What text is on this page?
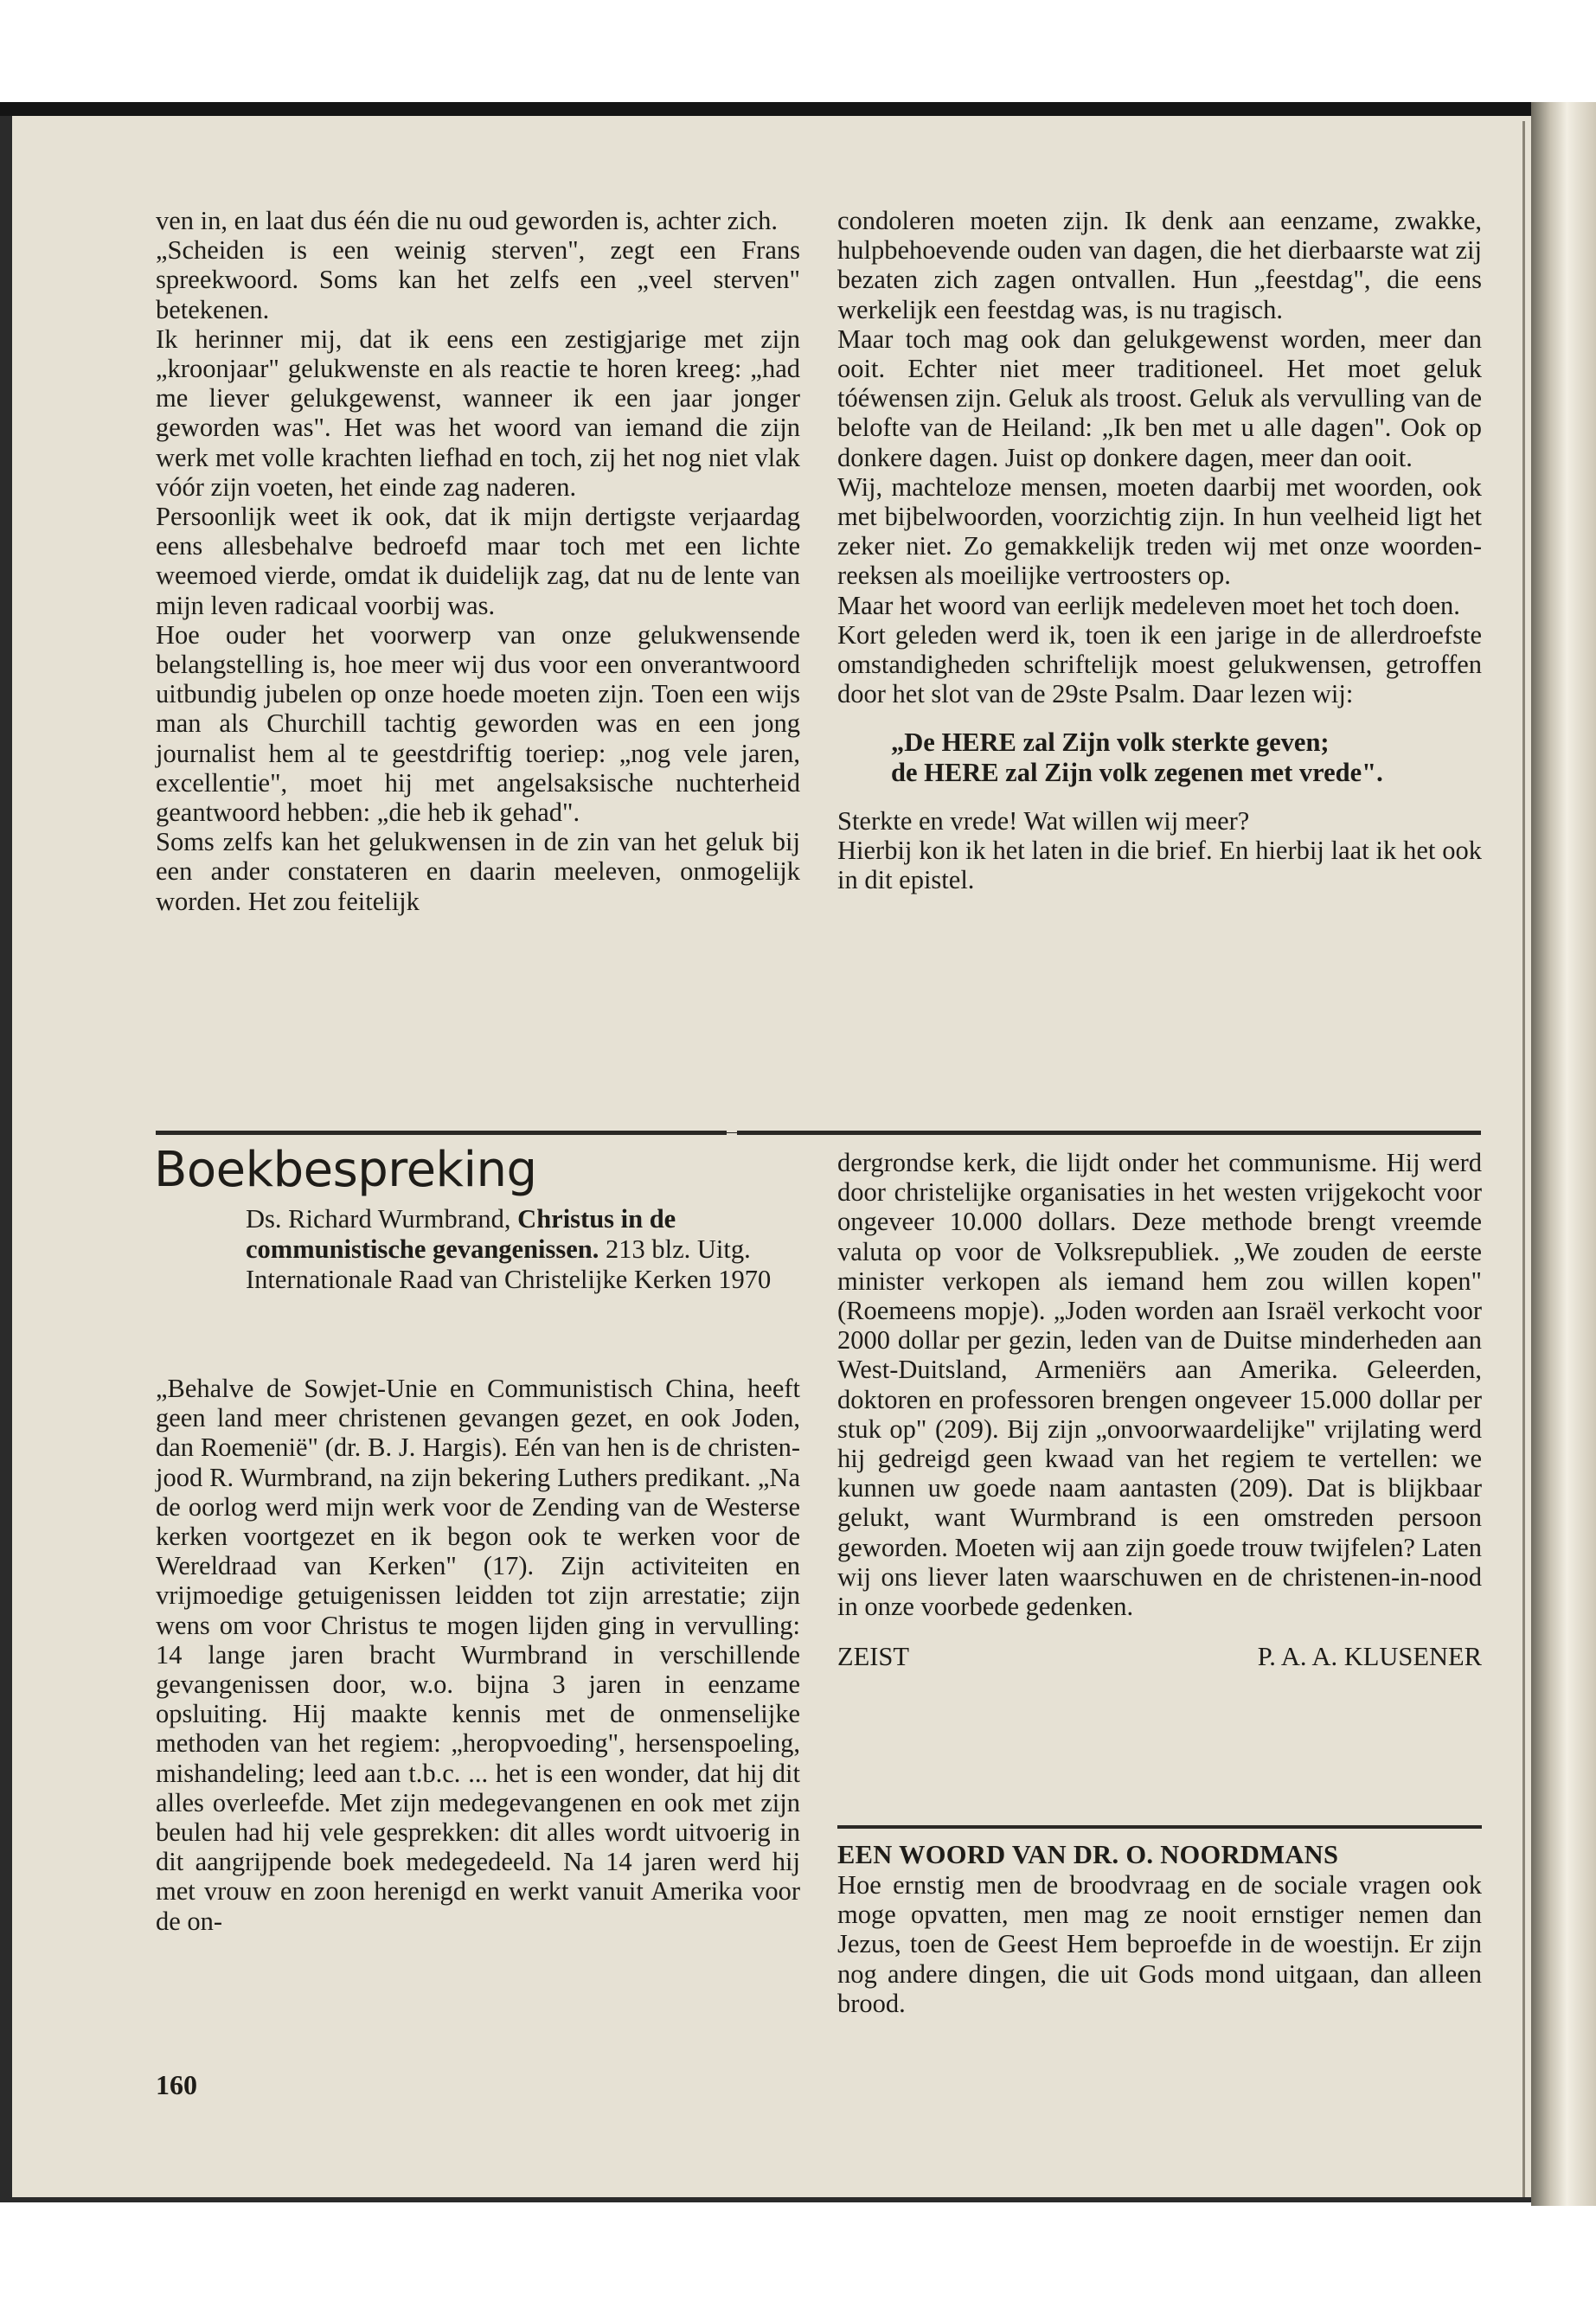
ven in, en laat dus één die nu oud geworden is, achter zich.

„Scheiden is een weinig sterven", zegt een Frans spreekwoord. Soms kan het zelfs een „veel sterven" betekenen.

Ik herinner mij, dat ik eens een zestigjarige met zijn „kroonjaar" gelukwenste en als reactie te horen kreeg: „had me liever gelukgewenst, wanneer ik een jaar jonger geworden was". Het was het woord van iemand die zijn werk met volle krachten liefhad en toch, zij het nog niet vlak vóór zijn voeten, het einde zag naderen.

Persoonlijk weet ik ook, dat ik mijn dertigste verjaardag eens allesbehalve bedroefd maar toch met een lichte weemoed vierde, omdat ik duidelijk zag, dat nu de lente van mijn leven radicaal voorbij was.

Hoe ouder het voorwerp van onze gelukwensende belangstelling is, hoe meer wij dus voor een onverantwoord uitbundig jubelen op onze hoede moeten zijn. Toen een wijs man als Churchill tachtig geworden was en een jong journalist hem al te geestdriftig toeriep: „nog vele jaren, excellentie", moet hij met angelsaksische nuchterheid geantwoord hebben: „die heb ik gehad".

Soms zelfs kan het gelukwensen in de zin van het geluk bij een ander constateren en daarin meeleven, onmogelijk worden. Het zou feitelijk

condoleren moeten zijn. Ik denk aan eenzame, zwakke, hulpbehoevende ouden van dagen, die het dierbaarste wat zij bezaten zich zagen ontvallen. Hun „feestdag", die eens werkelijk een feestdag was, is nu tragisch.

Maar toch mag ook dan gelukgewenst worden, meer dan ooit. Echter niet meer traditioneel. Het moet geluk tóéwensen zijn. Geluk als troost. Geluk als vervulling van de belofte van de Heiland: „Ik ben met u alle dagen". Ook op donkere dagen. Juist op donkere dagen, meer dan ooit.

Wij, machteloze mensen, moeten daarbij met woorden, ook met bijbelwoorden, voorzichtig zijn. In hun veelheid ligt het zeker niet. Zo gemakkelijk treden wij met onze woorden-reeksen als moeilijke vertroosters op.

Maar het woord van eerlijk medeleven moet het toch doen.

Kort geleden werd ik, toen ik een jarige in de allerdroefste omstandigheden schriftelijk moest gelukwensen, getroffen door het slot van de 29ste Psalm. Daar lezen wij:

„De HERE zal Zijn volk sterkte geven;
de HERE zal Zijn volk zegenen met vrede".

Sterkte en vrede! Wat willen wij meer?

Hierbij kon ik het laten in die brief. En hierbij laat ik het ook in dit epistel.

Boekbespreking

Ds. Richard Wurmbrand, Christus in de communistische gevangenissen. 213 blz. Uitg. Internationale Raad van Christelijke Kerken 1970

„Behalve de Sowjet-Unie en Communistisch China, heeft geen land meer christenen gevangen gezet, en ook Joden, dan Roemenië" (dr. B. J. Hargis). Eén van hen is de christen-jood R. Wurmbrand, na zijn bekering Luthers predikant. „Na de oorlog werd mijn werk voor de Zending van de Westerse kerken voortgezet en ik begon ook te werken voor de Wereldraad van Kerken" (17). Zijn activiteiten en vrijmoedige getuigenissen leidden tot zijn arrestatie; zijn wens om voor Christus te mogen lijden ging in vervulling: 14 lange jaren bracht Wurmbrand in verschillende gevangenissen door, w.o. bijna 3 jaren in eenzame opsluiting. Hij maakte kennis met de onmenselijke methoden van het regiem: „heropvoeding", hersenspoeling, mishandeling; leed aan t.b.c. ... het is een wonder, dat hij dit alles overleefde. Met zijn medegevangenen en ook met zijn beulen had hij vele gesprekken: dit alles wordt uitvoerig in dit aangrijpende boek medegedeeld. Na 14 jaren werd hij met vrouw en zoon herenigd en werkt vanuit Amerika voor de on-

dergrondse kerk, die lijdt onder het communisme. Hij werd door christelijke organisaties in het westen vrijgekocht voor ongeveer 10.000 dollars. Deze methode brengt vreemde valuta op voor de Volksrepubliek. „We zouden de eerste minister verkopen als iemand hem zou willen kopen" (Roemeens mopje). „Joden worden aan Israël verkocht voor 2000 dollar per gezin, leden van de Duitse minderheden aan West-Duitsland, Armeniërs aan Amerika. Geleerden, doktoren en professoren brengen ongeveer 15.000 dollar per stuk op" (209). Bij zijn „onvoorwaardelijke" vrijlating werd hij gedreigd geen kwaad van het regiem te vertellen: we kunnen uw goede naam aantasten (209). Dat is blijkbaar gelukt, want Wurmbrand is een omstreden persoon geworden. Moeten wij aan zijn goede trouw twijfelen? Laten wij ons liever laten waarschuwen en de christenen-in-nood in onze voorbede gedenken.

ZEIST	P. A. A. KLUSENER

EEN WOORD VAN DR. O. NOORDMANS

Hoe ernstig men de broodvraag en de sociale vragen ook moge opvatten, men mag ze nooit ernstiger nemen dan Jezus, toen de Geest Hem beproefde in de woestijn. Er zijn nog andere dingen, die uit Gods mond uitgaan, dan alleen brood.

160
